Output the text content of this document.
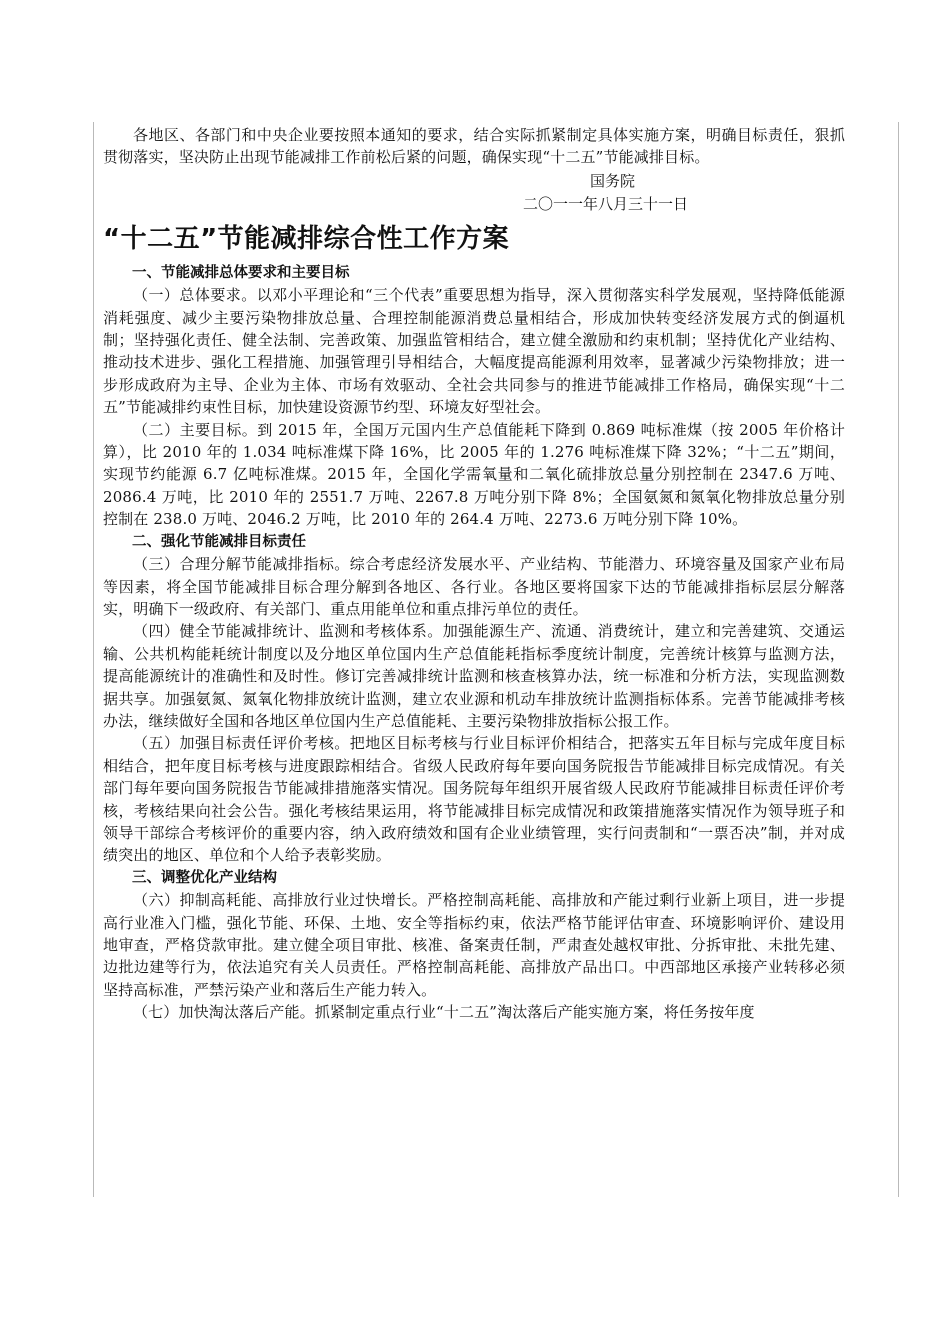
各地区、各部门和中央企业要按照本通知的要求，结合实际抓紧制定具体实施方案，明确目标责任，狠抓贯彻落实，坚决防止出现节能减排工作前松后紧的问题，确保实现“十二五”节能减排目标。

国务院
二〇一一年八月三十一日
“十二五”节能减排综合性工作方案
一、节能减排总体要求和主要目标

（一）总体要求。以邓小平理论和“三个代表”重要思想为指导，深入贯彻落实科学发展观，坚持降低能源消耗强度、减少主要污染物排放总量、合理控制能源消费总量相结合，形成加快转变经济发展方式的倒逼机制；坚持强化责任、健全法制、完善政策、加强监管相结合，建立健全激励和约束机制；坚持优化产业结构、推动技术进步、强化工程措施、加强管理引导相结合，大幅度提高能源利用效率，显著减少污染物排放；进一步形成政府为主导、企业为主体、市场有效驱动、全社会共同参与的推进节能减排工作格局，确保实现“十二五”节能减排约束性目标，加快建设资源节约型、环境友好型社会。

（二）主要目标。到 2015 年，全国万元国内生产总值能耗下降到 0.869 吨标准煤（按 2005 年价格计算），比 2010 年的 1.034 吨标准煤下降 16%，比 2005 年的 1.276 吨标准煤下降 32%；“十二五”期间，实现节约能源 6.7 亿吨标准煤。2015 年，全国化学需氧量和二氧化硫排放总量分别控制在 2347.6 万吨、2086.4 万吨，比 2010 年的 2551.7 万吨、2267.8 万吨分别下降 8%；全国氨氮和氮氧化物排放总量分别控制在 238.0 万吨、2046.2 万吨，比 2010 年的 264.4 万吨、2273.6 万吨分别下降 10%。

二、强化节能减排目标责任

（三）合理分解节能减排指标。综合考虑经济发展水平、产业结构、节能潜力、环境容量及国家产业布局等因素，将全国节能减排目标合理分解到各地区、各行业。各地区要将国家下达的节能减排指标层层分解落实，明确下一级政府、有关部门、重点用能单位和重点排污单位的责任。

（四）健全节能减排统计、监测和考核体系。加强能源生产、流通、消费统计，建立和完善建筑、交通运输、公共机构能耗统计制度以及分地区单位国内生产总值能耗指标季度统计制度，完善统计核算与监测方法，提高能源统计的准确性和及时性。修订完善减排统计监测和核查核算办法，统一标准和分析方法，实现监测数据共享。加强氨氮、氮氧化物排放统计监测，建立农业源和机动车排放统计监测指标体系。完善节能减排考核办法，继续做好全国和各地区单位国内生产总值能耗、主要污染物排放指标公报工作。

（五）加强目标责任评价考核。把地区目标考核与行业目标评价相结合，把落实五年目标与完成年度目标相结合，把年度目标考核与进度跟踪相结合。省级人民政府每年要向国务院报告节能减排目标完成情况。有关部门每年要向国务院报告节能减排措施落实情况。国务院每年组织开展省级人民政府节能减排目标责任评价考核，考核结果向社会公告。强化考核结果运用，将节能减排目标完成情况和政策措施落实情况作为领导班子和领导干部综合考核评价的重要内容，纳入政府绩效和国有企业业绩管理，实行问责制和“一票否决”制，并对成绩突出的地区、单位和个人给予表彰奖励。

三、调整优化产业结构

（六）抑制高耗能、高排放行业过快增长。严格控制高耗能、高排放和产能过剩行业新上项目，进一步提高行业准入门槛，强化节能、环保、土地、安全等指标约束，依法严格节能评估审查、环境影响评价、建设用地审查，严格贷款审批。建立健全项目审批、核准、备案责任制，严肃查处越权审批、分拆审批、未批先建、边批边建等行为，依法追究有关人员责任。严格控制高耗能、高排放产品出口。中西部地区承接产业转移必须坚持高标准，严禁污染产业和落后生产能力转入。

（七）加快淘汰落后产能。抓紧制定重点行业“十二五”淘汰落后产能实施方案，将任务按年度
